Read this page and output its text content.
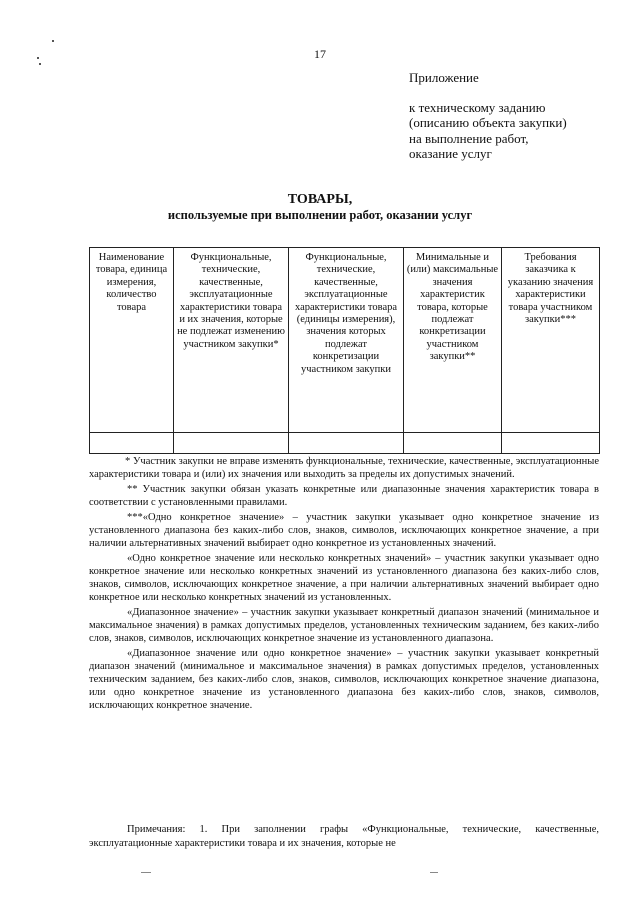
17
Приложение
к техническому заданию
(описанию объекта закупки)
на выполнение работ,
оказание услуг
ТОВАРЫ,
используемые при выполнении работ, оказании услуг
Наименование товара, единица измерения, количество товара	Функциональные, технические, качественные, эксплуатационные характеристики товара и их значения, которые не подлежат изменению участником закупки*	Функциональные, технические, качественные, эксплуатационные характеристики товара (единицы измерения), значения которых подлежат конкретизации участником закупки	Минимальные и (или) максимальные значения характеристик товара, которые подлежат конкретизации участником закупки**	Требования заказчика к указанию значения характеристики товара участником закупки***

* Участник закупки не вправе изменять функциональные, технические, качественные, эксплуатационные характеристики товара и (или) их значения или выходить за пределы их допустимых значений.

** Участник закупки обязан указать конкретные или диапазонные значения характеристик товара в соответствии с установленными правилами.

***«Одно конкретное значение» – участник закупки указывает одно конкретное значение из установленного диапазона без каких-либо слов, знаков, символов, исключающих конкретное значение, а при наличии альтернативных значений выбирает одно конкретное из установленных значений.

«Одно конкретное значение или несколько конкретных значений» – участник закупки указывает одно конкретное значение или несколько конкретных значений из установленного диапазона без каких-либо слов, знаков, символов, исключающих конкретное значение, а при наличии альтернативных значений выбирает одно конкретное или несколько конкретных значений из установленных.

«Диапазонное значение» – участник закупки указывает конкретный диапазон значений (минимальное и максимальное значения) в рамках допустимых пределов, установленных техническим заданием, без каких-либо слов, знаков, символов, исключающих конкретное значение из установленного диапазона.

«Диапазонное значение или одно конкретное значение» – участник закупки указывает конкретный диапазон значений (минимальное и максимальное значения) в рамках допустимых пределов, установленных техническим заданием, без каких-либо слов, знаков, символов, исключающих конкретное значение диапазона, или одно конкретное значение из установленного диапазона без каких-либо слов, знаков, символов, исключающих конкретное значение.

Примечания: 1. При заполнении графы «Функциональные, технические, качественные, эксплуатационные характеристики товара и их значения, которые не
